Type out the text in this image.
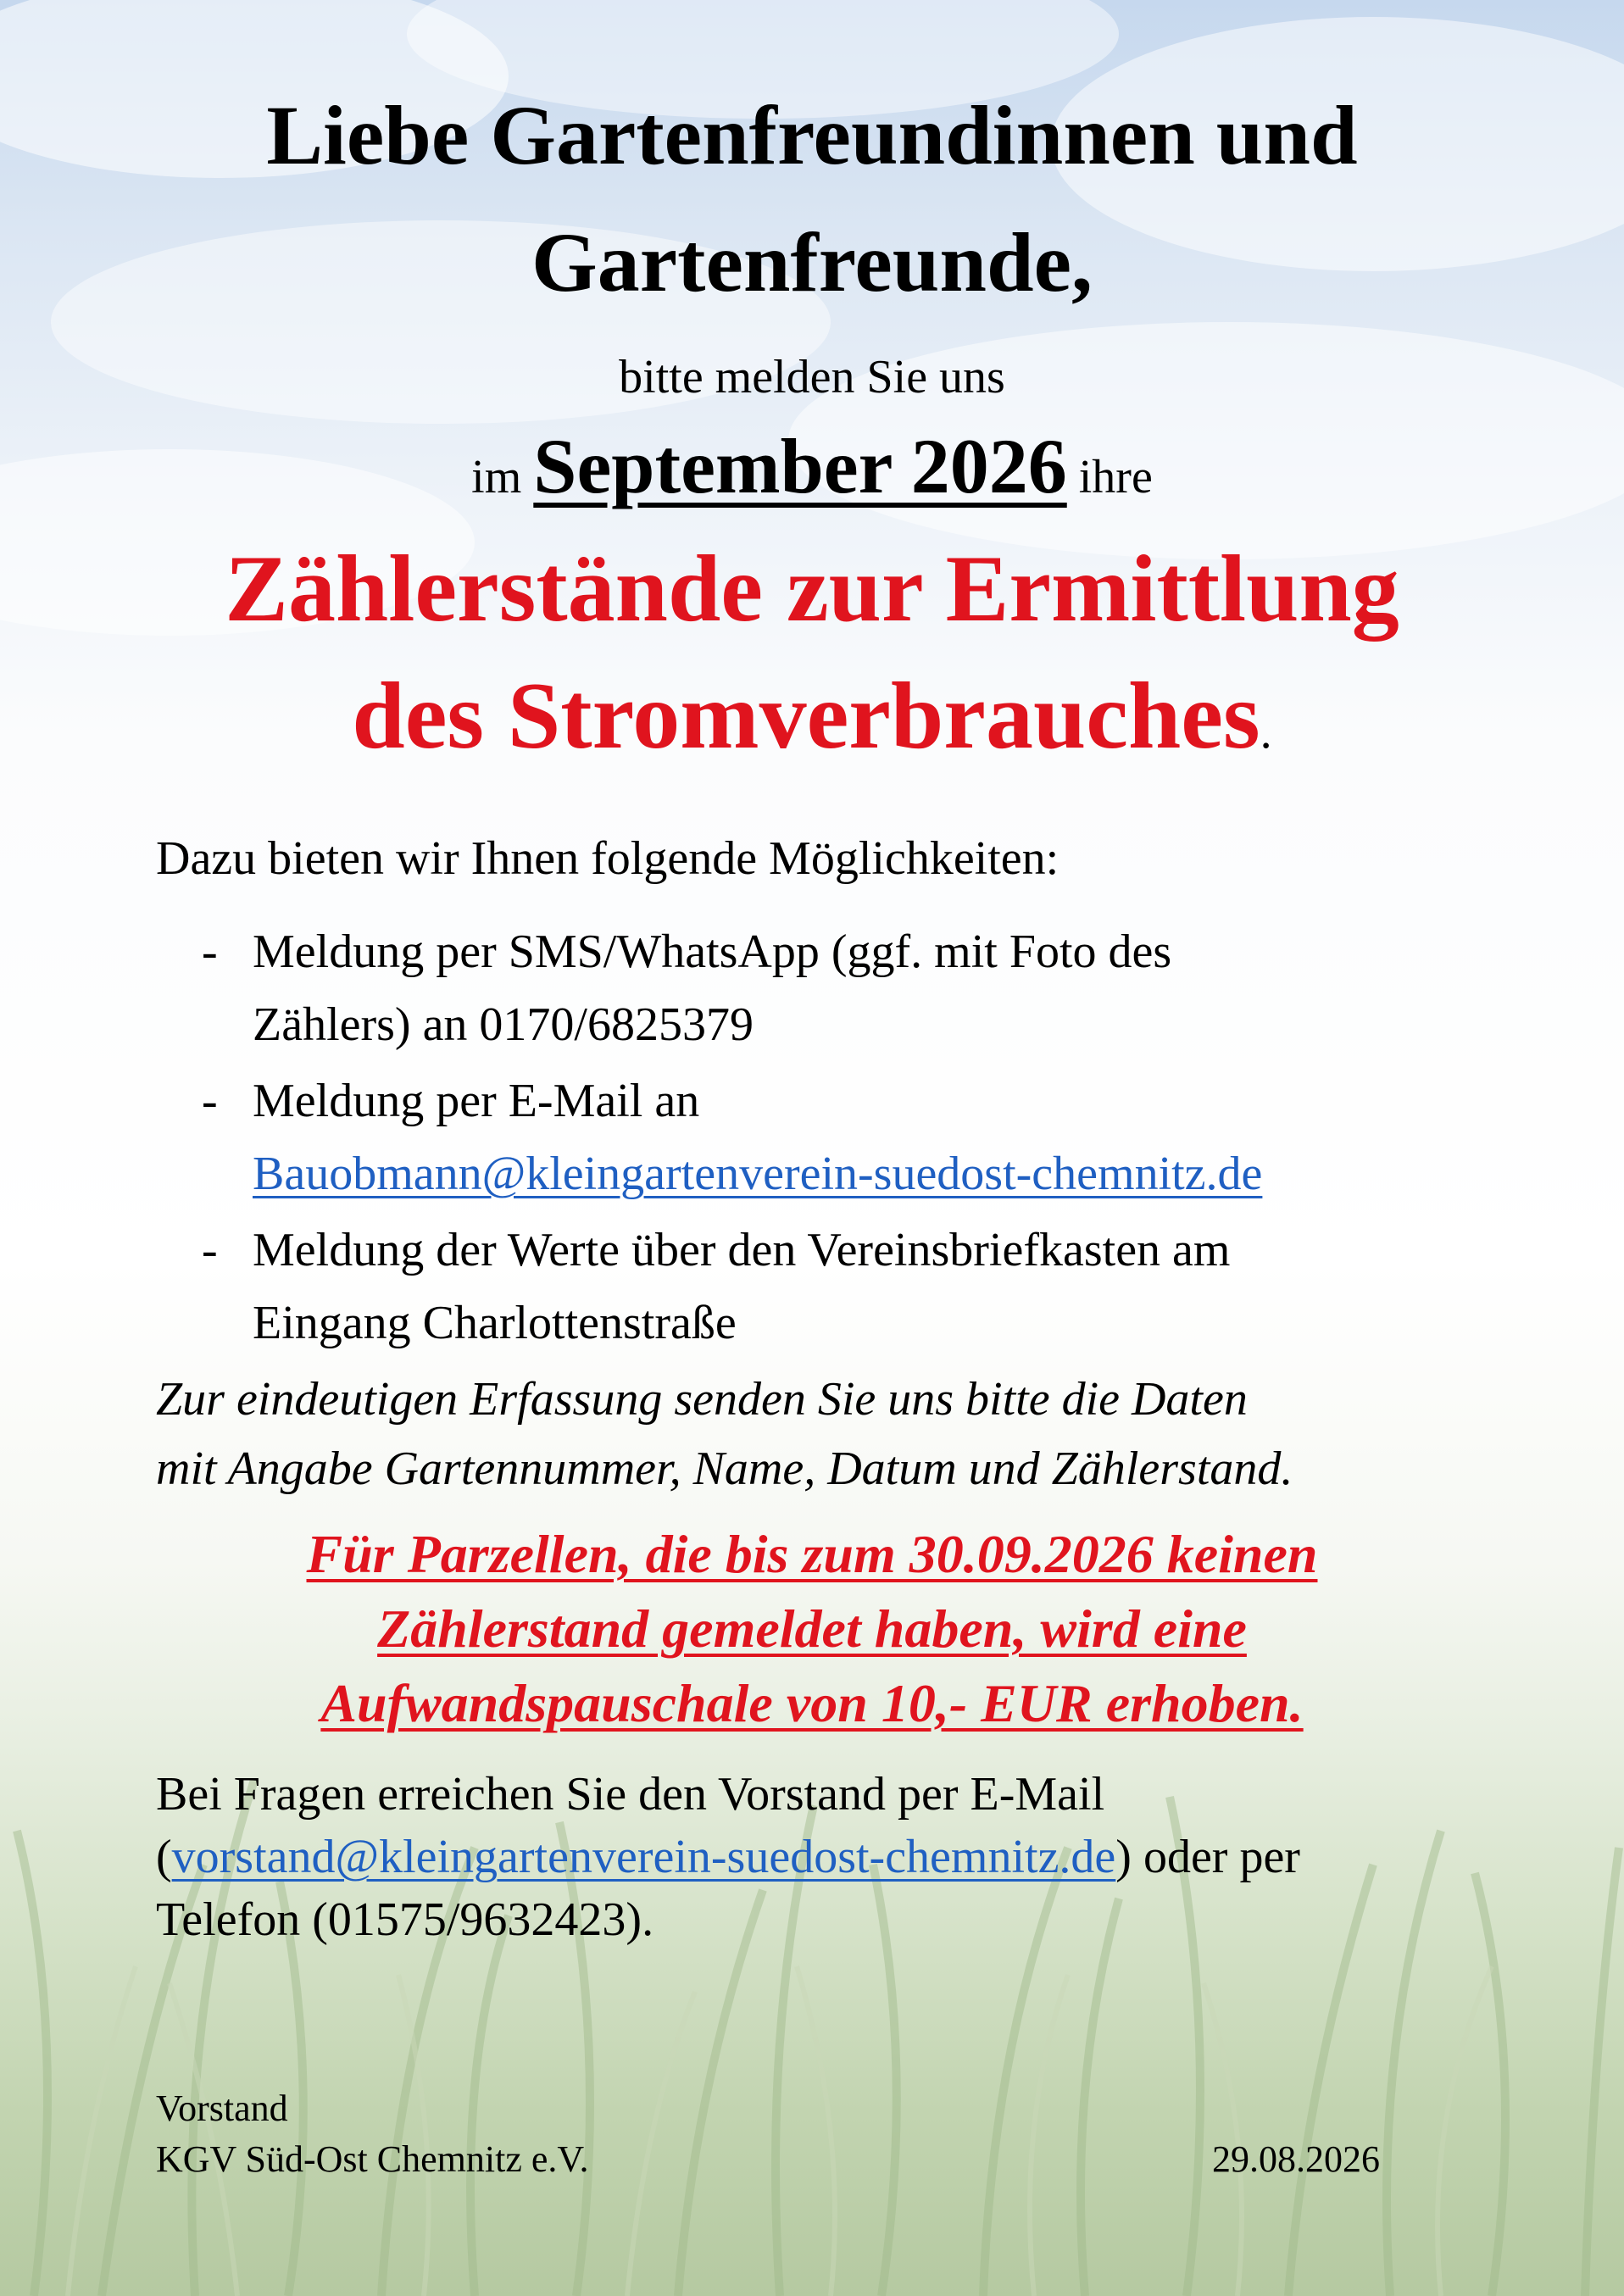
Liebe Gartenfreundinnen und
Gartenfreunde,

bitte melden Sie uns

im September 2026 ihre

Zählerstände zur Ermittlung
des Stromverbrauches.

Dazu bieten wir Ihnen folgende Möglichkeiten:

- Meldung per SMS/WhatsApp (ggf. mit Foto des
Zählers) an 0170/6825379
- Meldung per E-Mail an
Bauobmann@kleingartenverein-suedost-chemnitz.de
- Meldung der Werte über den Vereinsbriefkasten am
Eingang Charlottenstraße

Zur eindeutigen Erfassung senden Sie uns bitte die Daten
mit Angabe Gartennummer, Name, Datum und Zählerstand.

Für Parzellen, die bis zum 30.09.2026 keinen
Zählerstand gemeldet haben, wird eine
Aufwandspauschale von 10,- EUR erhoben.

Bei Fragen erreichen Sie den Vorstand per E-Mail
(vorstand@kleingartenverein-suedost-chemnitz.de) oder per
Telefon (01575/9632423).

Vorstand
KGV Süd-Ost Chemnitz e.V.	29.08.2026
